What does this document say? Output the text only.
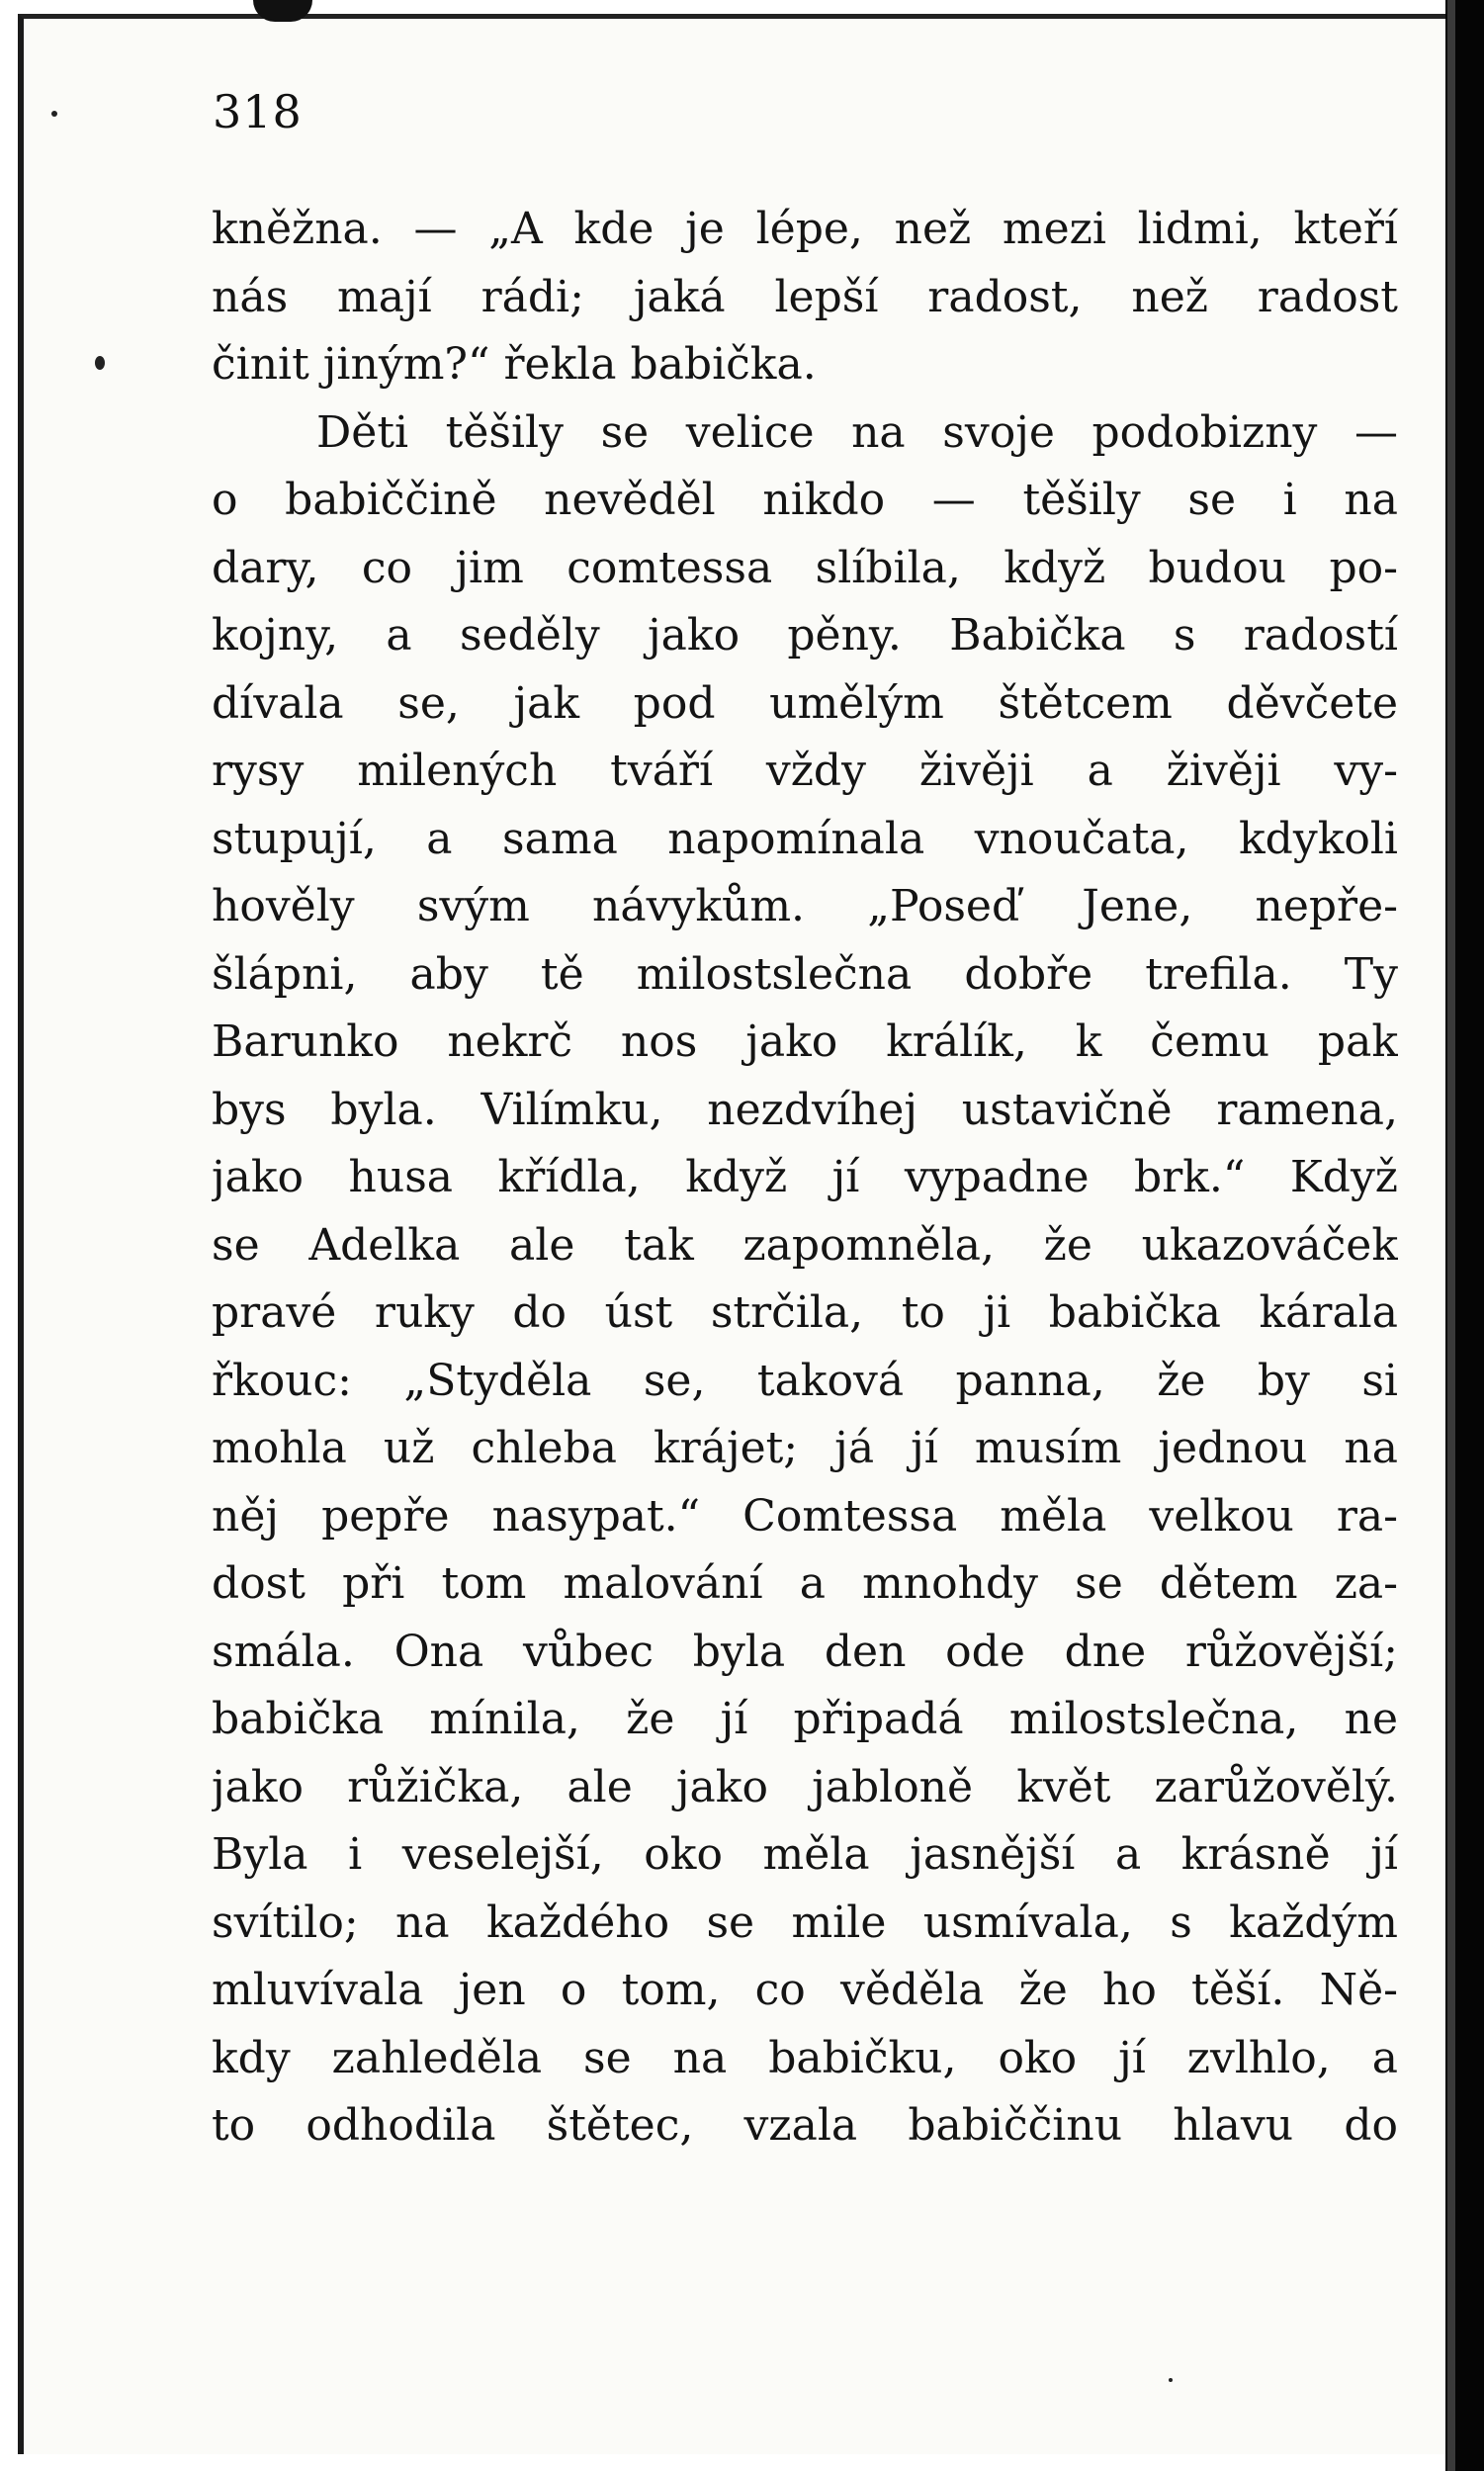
318
kněžna. — „A kde je lépe, než mezi lidmi, kteří
nás mají rádi; jaká lepší radost, než radost
činit jiným?“ řekla babička.
Děti těšily se velice na svoje podobizny —
o babiččině nevěděl nikdo — těšily se i na
dary, co jim comtessa slíbila, když budou po-
kojny, a seděly jako pěny. Babička s radostí
dívala se, jak pod umělým štětcem děvčete
rysy milených tváří vždy živěji a živěji vy-
stupují, a sama napomínala vnoučata, kdykoli
hověly svým návykům. „Poseď Jene, nepře-
šlápni, aby tě milostslečna dobře trefila. Ty
Barunko nekrč nos jako králík, k čemu pak
bys byla. Vilímku, nezdvíhej ustavičně ramena,
jako husa křídla, když jí vypadne brk.“ Když
se Adelka ale tak zapomněla, že ukazováček
pravé ruky do úst strčila, to ji babička kárala
řkouc: „Styděla se, taková panna, že by si
mohla už chleba krájet; já jí musím jednou na
něj pepře nasypat.“ Comtessa měla velkou ra-
dost při tom malování a mnohdy se dětem za-
smála. Ona vůbec byla den ode dne růžovější;
babička mínila, že jí připadá milostslečna, ne
jako růžička, ale jako jabloně květ zarůžovělý.
Byla i veselejší, oko měla jasnější a krásně jí
svítilo; na každého se mile usmívala, s každým
mluvívala jen o tom, co věděla že ho těší. Ně-
kdy zahleděla se na babičku, oko jí zvlhlo, a
to odhodila štětec, vzala babiččinu hlavu do
